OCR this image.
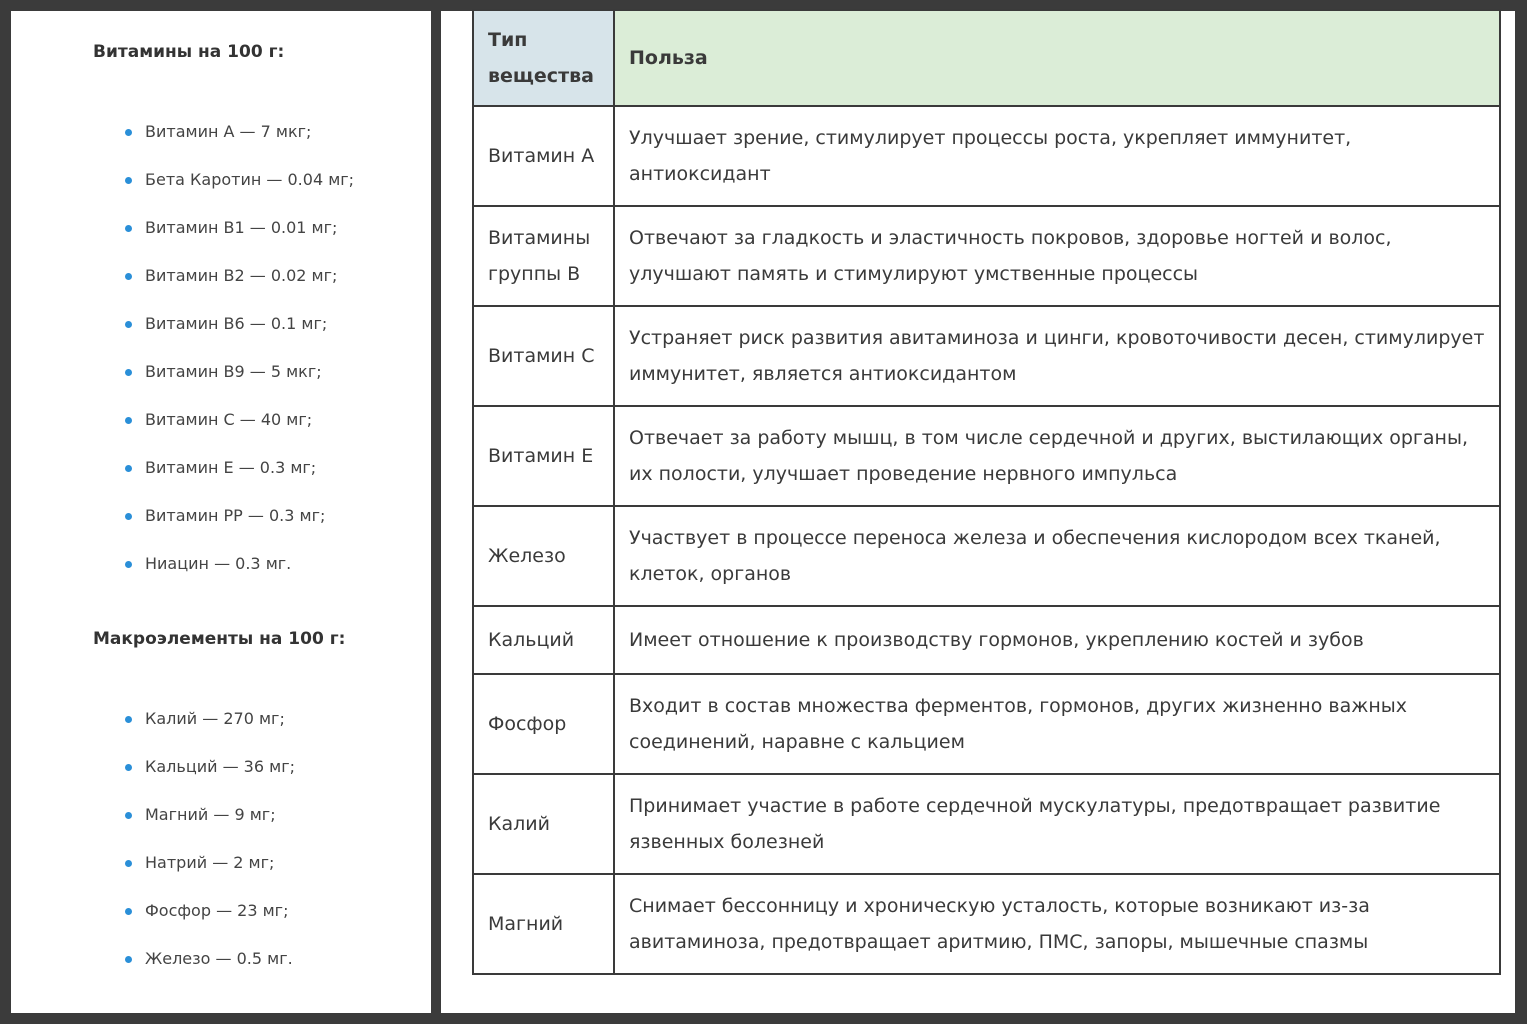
Витамины на 100 г:
Витамин А — 7 мкг;
Бета Каротин — 0.04 мг;
Витамин В1 — 0.01 мг;
Витамин В2 — 0.02 мг;
Витамин В6 — 0.1 мг;
Витамин В9 — 5 мкг;
Витамин C — 40 мг;
Витамин Е — 0.3 мг;
Витамин РР — 0.3 мг;
Ниацин — 0.3 мг.
Макроэлементы на 100 г:
Калий — 270 мг;
Кальций — 36 мг;
Магний — 9 мг;
Натрий — 2 мг;
Фосфор — 23 мг;
Железо — 0.5 мг.
Тип вещества	Польза
Витамин А	Улучшает зрение, стимулирует процессы роста, укрепляет иммунитет, антиоксидант
Витамины группы В	Отвечают за гладкость и эластичность покровов, здоровье ногтей и волос, улучшают память и стимулируют умственные процессы
Витамин С	Устраняет риск развития авитаминоза и цинги, кровоточивости десен, стимулирует иммунитет, является антиоксидантом
Витамин Е	Отвечает за работу мышц, в том числе сердечной и других, выстилающих органы, их полости, улучшает проведение нервного импульса
Железо	Участвует в процессе переноса железа и обеспечения кислородом всех тканей, клеток, органов
Кальций	Имеет отношение к производству гормонов, укреплению костей и зубов
Фосфор	Входит в состав множества ферментов, гормонов, других жизненно важных соединений, наравне с кальцием
Калий	Принимает участие в работе сердечной мускулатуры, предотвращает развитие язвенных болезней
Магний	Снимает бессонницу и хроническую усталость, которые возникают из-за авитаминоза, предотвращает аритмию, ПМС, запоры, мышечные спазмы
